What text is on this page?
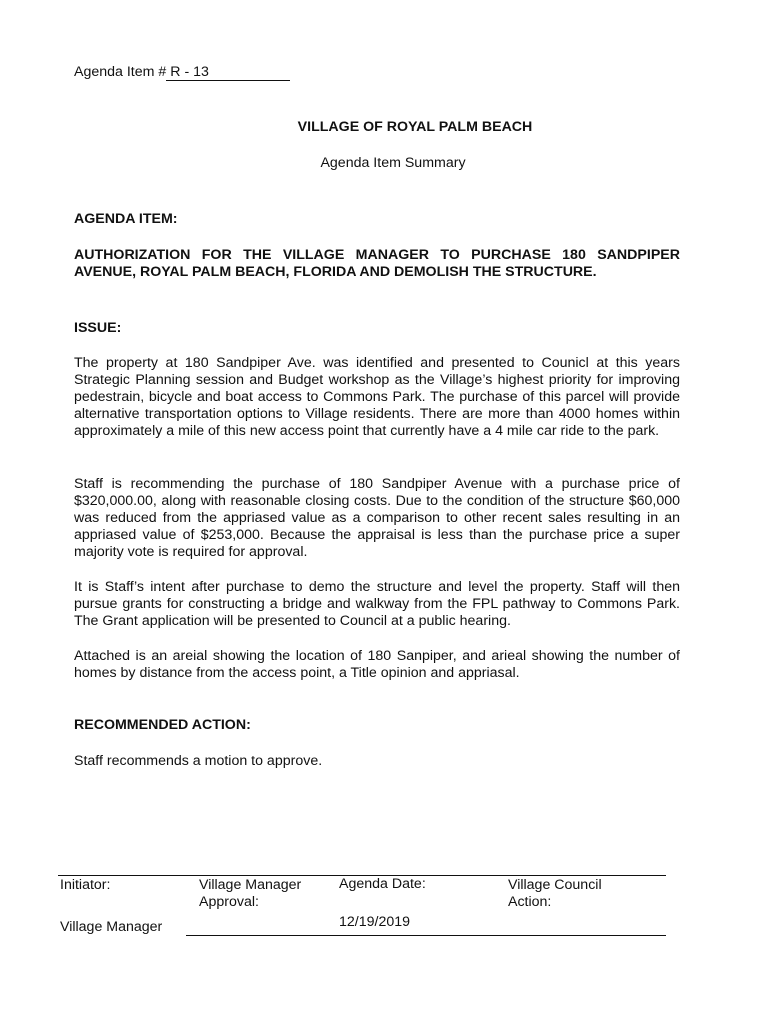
Agenda Item # R - 13
VILLAGE OF ROYAL PALM BEACH
Agenda Item Summary
AGENDA ITEM:
AUTHORIZATION FOR THE VILLAGE MANAGER TO PURCHASE 180 SANDPIPER AVENUE, ROYAL PALM BEACH, FLORIDA AND DEMOLISH THE STRUCTURE.
ISSUE:
The property at 180 Sandpiper Ave. was identified and presented to Counicl at this years Strategic Planning session and Budget workshop as the Village’s highest priority for improving pedestrain, bicycle and boat access to Commons Park. The purchase of this parcel will provide alternative transportation options to Village residents. There are more than 4000 homes within approximately a mile of this new access point that currently have a 4 mile car ride to the park.
Staff is recommending the purchase of 180 Sandpiper Avenue with a purchase price of $320,000.00, along with reasonable closing costs. Due to the condition of the structure $60,000 was reduced from the appriased value as a comparison to other recent sales resulting in an appriased value of $253,000. Because the appraisal is less than the purchase price a super majority vote is required for approval.
It is Staff’s intent after purchase to demo the structure and level the property. Staff will then pursue grants for constructing a bridge and walkway from the FPL pathway to Commons Park. The Grant application will be presented to Council at a public hearing.
Attached is an areial showing the location of 180 Sanpiper, and arieal showing the number of homes by distance from the access point, a Title opinion and appriasal.
RECOMMENDED ACTION:
Staff recommends a motion to approve.
Initiator:
Village Manager
Village Manager Approval:
Agenda Date:
12/19/2019
Village Council Action:
